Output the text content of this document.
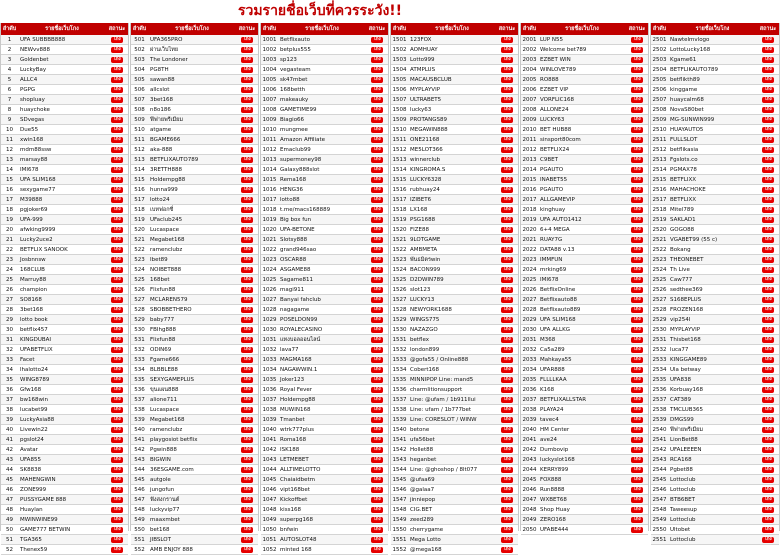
รวมรายชื่อเว็บที่ควรระวัง!!
ลำดับ	รายชื่อเว็บโกง	สถานะ
1	UFA SUBBBB888	โกง
2	NEWvv888	โกง
3	Goldenbet	โกง
4	LuckyBay	โกง
5	ALLC4	โกง
6	PGPG	โกง
7	shopluay	โกง
8	huaychoke	โกง
9	SDvegas	โกง
10	Due55	โกง
11	xwin168	โกง
12	mdm88ssw	โกง
13	marsay88	โกง
14	IMI678	โกง
15	UFA SLIM168	โกง
16	sexygame77	โกง
17	M39888	โกง
18	pgjoker69	โกง
19	UFA-999	โกง
20	afwking9999	โกง
21	Lucky2uce2	โกง
22	BETFLIX SANOOK	โกง
23	Josbnnsw	โกง
24	168CLUB	โกง
25	Marruy88	โกง
26	champion	โกง
27	SO8168	โกง
28	3bet168	โกง
29	lotto book	โกง
30	betflix457	โกง
31	KINGDUBAI	โกง
32	UFABETFLIX	โกง
33	Facet	โกง
34	lhalotto24	โกง
35	WING8789	โกง
36	Gfw168	โกง
37	bw168win	โกง
38	lucabet99	โกง
39	LuckyAsia88	โกง
40	Livewin22	โกง
41	pgslot24	โกง
42	Avatar	โกง
43	UFA855	โกง
44	SK8838	โกง
45	MAHENGWIN	โกง
46	ZONE999	โกง
47	PUSSYGAME 888	โกง
48	Huaylan	โกง
49	MWINWINE99	โกง
50	GAME777 BETWIN	โกง
51	TGA365	โกง
52	Thenex59	โกง
ลำดับ	รายชื่อเว็บโกง	สถานะ
501 UFA365PRO	โกง
502 ผ่านเว็บไทย	โกง
503 The Londoner	โกง
504 PG8TH	โกง
505 sawan88	โกง
506 allcslot	โกง
507 3bet168	โกง
508 n8o186	โกง
509 ฟีฟายพรีเมียม	โกง
510 atgame	โกง
511 BGAME666	โกง
512 aka-888	โกง
513 BETFLIXAUTO789	โกง
514 3RETTH888	โกง
515 Holdempg88	โกง
516 hunna999	โกง
517 lotto24	โกง
518 เบทฟอกซี่	โกง
519 UFaclub245	โกง
520 Lucaspace	โกง
521 Megabet168	โกง
522 ramenclubz	โกง
523 Ibet89	โกง
524 NOIBET888	โกง
525 168bet	โกง
526 Flixfun88	โกง
527 MCLAREN579	โกง
528 SBOBBETHERO	โกง
529 baby777	โกง
530 FBIhg888	โกง
531 Flixfun88	โกง
532 ODIN69	โกง
533 Fgame666	โกง
534 BLBBLE88	โกง
535 SEXYGAMEPLUS	โกง
536 ขุนแผน888	โกง
537 alione711	โกง
538 Lucaspace	โกง
539 Megabet168	โกง
540 ramenclubz	โกง
541 playgosiot betflix	โกง
542 Pgwin888	โกง
543 BIGWIN	โกง
544 36ESGAME.com	โกง
545 autgole	โกง
546 jungofun	โกง
547 ฟังสงกรานต์	โกง
548 luckyvip77	โกง
549 maaxmbet	โกง
550 bet168	โกง
551 JIBSLOT	โกง
552 AMB ENJOY 888	โกง
ลำดับ	รายชื่อเว็บโกง	สถานะ
1001 Betflixauto	โกง
1002 betplus555	โกง
1003 sp123	โกง
1004 vegasteam	โกง
1005 sk47mbet	โกง
1006 168betth	โกง
1007 makeauky	โกง
1008 GAMETIME99	โกง
1009 Biagio66	โกง
1010 mungmee	โกง
1011 Amazon Affiliate	โกง
1012 Emaclub99	โกง
1013 supermoney98	โกง
1014 Galaxy888slot	โกง
1015 Rema168	โกง
1016 HENG36	โกง
1017 lotto88	โกง
1018 t.me/macs168889	โกง
1019 Big box fun	โกง
1020 UFA-BETONE	โกง
1021 Slotsy888	โกง
1022 grand946sao	โกง
1023 OSCAR88	โกง
1024 ASGAME88	โกง
1025 Sagame811	โกง
1026 magi911	โกง
1027 Banyai fahclub	โกง
1028 nagagame	โกง
1029 POSELDON99	โกง
1030 ROYALECASINO	โกง
1031 แทงบอลออนไลน์	โกง
1032 lava77	โกง
1033 MAGMA168	โกง
1034 NAGAWWIN.1	โกง
1035 Joker123	โกง
1036 Royal Fever	โกง
1037 Holdempg88	โกง
1038 MUWIN168	โกง
1039 Tmanbet	โกง
1040 wtrk777plus	โกง
1041 Roma168	โกง
1042 ISK188	โกง
1043 LETMEBET	โกง
1044 ALLTIMELOTTO	โกง
1045 Chaiaidbetm	โกง
1046 vipt168bet	โกง
1047 Kickoffbet	โกง
1048 kiss168	โกง
1049 superpg168	โกง
1050 bnfwin	โกง
1051 AUTOSLOT48	โกง
1052 minted 168	โกง
ลำดับ	รายชื่อเว็บโกง	สถานะ
1501 123FOX	โกง
1502 AOMHUAY	โกง
1503 Lotto999	โกง
1504 ATMPLUS	โกง
1505 MACAUSBCLUB	โกง
1506 MYPLAYVIP	โกง
1507 ULTRABET5	โกง
1508 lucky63	โกง
1509 PROTANGS89	โกง
1510 MEGAWIN888	โกง
1511 ONE21168	โกง
1512 ME5LOT366	โกง
1513 winnerclub	โกง
1514 KINGROMA.S	โกง
1515 LUCKY6328	โกง
1516 rubhuay24	โกง
1517 IZIBET6	โกง
1518 LX168	โกง
1519 PSG1688	โกง
1520 FIZE88	โกง
1521 9LOTGAME	โกง
1522 AMBMETA	โกง
1523 พันธมิตรwin	โกง
1524 BACON999	โกง
1525 D2DWIN789	โกง
1526 slot123	โกง
1527 LUCKY13	โกง
1528 NEWYORK1688	โกง
1529 WINGS775	โกง
1530 NAZAZGO	โกง
1531 betflex	โกง
1532 london899	โกง
1533 @gofa55 / Online888	โกง
1534 Cobert168	โกง
1535 MINNIPOP Line: mand5	โกง
1536 charmlitionsupport	โกง
1537 Line: @ufam / 1b911llui	โกง
1538 Line: ufam / 1b777bet	โกง
1539 Line: CORESLOT / WINW	โกง
1540 betone	โกง
1541 ufa56bet	โกง
1542 Hollet88	โกง
1543 heganbet	โกง
1544 Line: @ghoshop / 8lt077	โกง
1545 @ufaa69	โกง
1546 @galaa7	โกง
1547 jinniepop	โกง
1548 CIG.BET	โกง
1549 zeed289	โกง
1550 cherrygame	โกง
1551 Mega Lotto	โกง
1552 @mega168	โกง
ลำดับ	รายชื่อเว็บโกง	สถานะ
2001 LUP N55	โกง
2002 Welcome bet789	โกง
2003 EZBET WIN	โกง
2004 WINLOVE789	โกง
2005 RO888	โกง
2006 EZBET VIP	โกง
2007 VORFLIC168	โกง
2008 ALLONE24	โกง
2009 LUCKY63	โกง
2010 BET HUB88	โกง
2011 sinsport80com	โกง
2012 BETFLIX24	โกง
2013 C9BET	โกง
2014 PGAUTO	โกง
2015 INABET55	โกง
2016 PGAUTO	โกง
2017 ALLGAMEVIP	โกง
2018 kinghuay	โกง
2019 UFA AUTO1412	โกง
2020 6+4 MEGA	โกง
2021 RUAY7G	โกง
2022 DATA88 v.13	โกง
2023 IMMFUN	โกง
2024 mrking69	โกง
2025 IMI678	โกง
2026 BetflixOnline	โกง
2027 Betflixauto88	โกง
2028 Betflixauto889	โกง
2029 UFA SLIM168	โกง
2030 UFA ALLKG	โกง
2031 M368	โกง
2032 Ca5a289	โกง
2033 Mahkaya55	โกง
2034 UFAR888	โกง
2035 FLLLLKAA	โกง
2036 K168	โกง
2037 BETFLIXALLSTAR	โกง
2038 PLAYA24	โกง
2039 tavec4	โกง
2040 HM Center	โกง
2041 ave24	โกง
2042 Dumbovip	โกง
2043 luckyslot168	โกง
2044 KERRY899	โกง
2045 FOX888	โกง
2046 Run8888	โกง
2047 WXBET68	โกง
2048 Shop Huay	โกง
2049 ZERO168	โกง
2050 UFABE444	โกง
ลำดับ	รายชื่อเว็บโกง	สถานะ
2501 Nawtelmvlogo	โกง
2502 LottoLucky168	โกง
2503 Kgame61	โกง
2504 BETFLIKAUTO789	โกง
2505 betflikth89	โกง
2506 kinggame	โกง
2507 huaycalm68	โกง
2508 NovaS80bet	โกง
2509 MG-SUNWIN999	โกง
2510 HUAYAUTO5	โกง
2511 FULLSLOT	โกง
2512 betflikasia	โกง
2513 Fgslots.co	โกง
2514 PGMAX78	โกง
2515 BETFLIXX	โกง
2516 MAHACHOKE	โกง
2517 BETFLIXX	โกง
2518 Mitel789	โกง
2519 SAKLAD1	โกง
2520 GOGO88	โกง
2521 VGABET99 (55 c)	โกง
2522 Bokang	โกง
2523 THEONEBET	โกง
2524 Th Live	โกง
2525 Caw777	โกง
2526 sedthee369	โกง
2527 S168EPLUS	โกง
2528 FROZEN168	โกง
2529 vip254I	โกง
2530 MYPLAYVIP	โกง
2531 Thisbet168	โกง
2532 luca77	โกง
2533 KINGGAME89	โกง
2534 Ula betway	โกง
2535 UFA838	โกง
2536 Korbuay168	โกง
2537 CAT389	โกง
2538 TMCLUB365	โกง
2539 DMGS99	โกง
2540 ฟีฟายพรีเมียม	โกง
2541 LionBet88	โกง
2542 UFALEEEEN	โกง
2543 RCA168	โกง
2544 Pgbet88	โกง
2545 Lottoclub	โกง
2546 Lottoclub	โกง
2547 BTB6BET	โกง
2548 Taweesup	โกง
2549 Lottoclub	โกง
2550 Ultobet	โกง
2551 Lottoclub	โกง
